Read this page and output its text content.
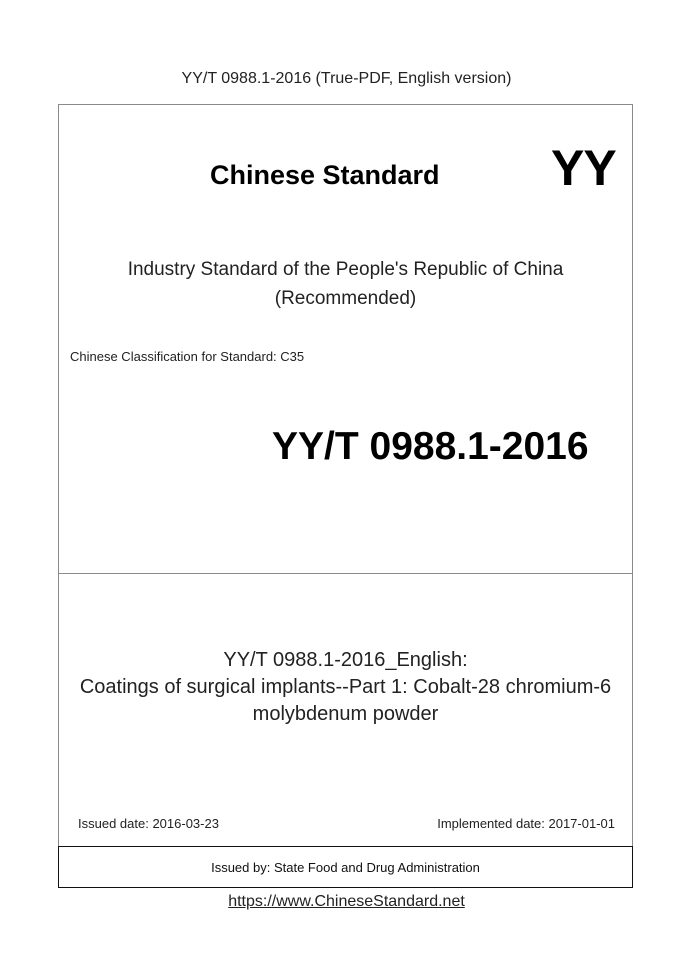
YY/T 0988.1-2016 (True-PDF, English version)
Chinese Standard YY
Industry Standard of the People's Republic of China
(Recommended)
Chinese Classification for Standard: C35
YY/T 0988.1-2016
YY/T 0988.1-2016_English:
Coatings of surgical implants--Part 1: Cobalt-28 chromium-6
molybdenum powder
Issued date: 2016-03-23	Implemented date: 2017-01-01
Issued by: State Food and Drug Administration
https://www.ChineseStandard.net
